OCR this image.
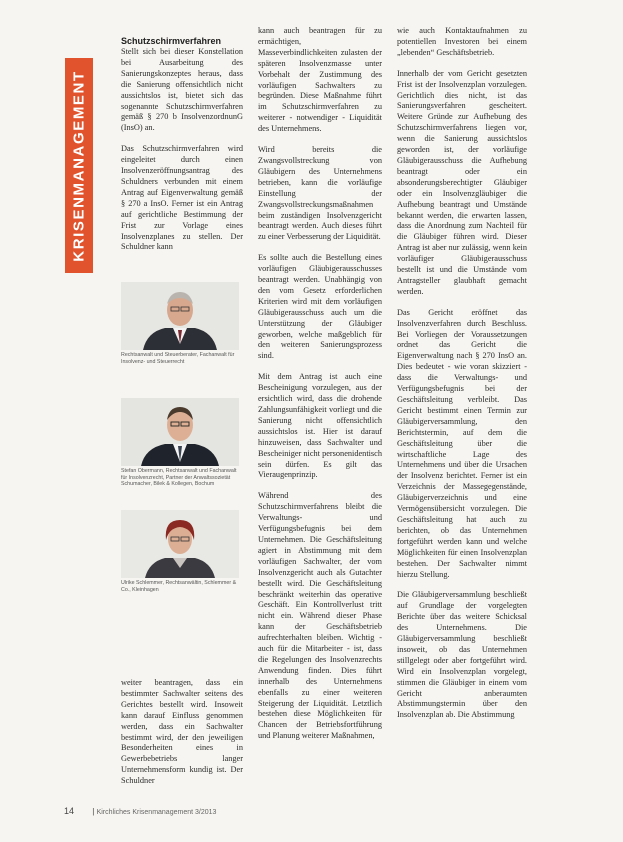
KRISENMANAGEMENT
Schutzschirmverfahren

Stellt sich bei dieser Konstellation bei Ausarbeitung des Sanierungskonzeptes heraus, dass die Sanierung offensichtlich nicht aussichtslos ist, bietet sich das sogenannte Schutzschirmverfahren gemäß § 270 b InsolvenzordnunG (InsO) an.

Das Schutzschirmverfahren wird eingeleitet durch einen Insolvenzeröffnungsantrag des Schuldners verbunden mit einem Antrag auf Eigenverwaltung gemäß § 270 a InsO. Ferner ist ein Antrag auf gerichtliche Bestimmung der Frist zur Vorlage eines Insolvenzplanes zu stellen. Der Schuldner kann

Rechtsanwalt und Steuerberater, Fachanwalt für Insolvenz- und Steuerrecht
Stefan Obermann, Rechtsanwalt und Fachanwalt für Insolvenzrecht, Partner der Anwaltssozietät Schumacher, Bilek & Kollegen, Bochum
Ulrike Schlemmer, Rechtsanwältin, Schlemmer & Co., Kleinhagen

weiter beantragen, dass ein bestimmter Sachwalter seitens des Gerichtes bestellt wird. Insoweit kann darauf Einfluss genommen werden, dass ein Sachwalter bestimmt wird, der den jeweiligen Besonderheiten eines in Gewerbebetriebs langer Unternehmensform kundig ist. Der Schuldner

kann auch beantragen für zu ermächtigen, Masseverbindlichkeiten zulasten der späteren Insolvenzmasse unter Vorbehalt der Zustimmung des vorläufigen Sachwalters zu begründen. Diese Maßnahme führt im Schutzschirmverfahren zu weiterer - notwendiger - Liquidität des Unternehmens.

Wird bereits die Zwangsvollstreckung von Gläubigern des Unternehmens betrieben, kann die vorläufige Einstellung der Zwangsvollstreckungsmaßnahmen beim zuständigen Insolvenzgericht beantragt werden. Auch dieses führt zu einer Verbesserung der Liquidität.

Es sollte auch die Bestellung eines vorläufigen Gläubigerausschusses beantragt werden. Unabhängig von den vom Gesetz erforderlichen Kriterien wird mit dem vorläufigen Gläubigerausschuss auch um die Unterstützung der Gläubiger geworben, welche maßgeblich für den weiteren Sanierungsprozess sind.

Mit dem Antrag ist auch eine Bescheinigung vorzulegen, aus der ersichtlich wird, dass die drohende Zahlungsunfähigkeit vorliegt und die Sanierung nicht offensichtlich aussichtslos ist. Hier ist darauf hinzuweisen, dass Sachwalter und Bescheiniger nicht personenidentisch sein dürfen. Es gilt das Vieraugenprinzip.

Während des Schutzschirmverfahrens bleibt die Verwaltungs- und Verfügungsbefugnis bei dem Unternehmen. Die Geschäftsleitung agiert in Abstimmung mit dem vorläufigen Sachwalter, der vom Insolvenzgericht auch als Gutachter bestellt wird. Die Geschäftsleitung beschränkt weiterhin das operative Geschäft. Ein Kontrollverlust tritt nicht ein. Während dieser Phase kann der Geschäftsbetrieb aufrechterhalten bleiben. Wichtig - auch für die Mitarbeiter - ist, dass die Regelungen des Insolvenzrechts Anwendung finden. Dies führt innerhalb des Unternehmens ebenfalls zu einer weiteren Steigerung der Liquidität. Letztlich bestehen diese Möglichkeiten für Chancen der Betriebsfortführung und Planung weiterer Maßnahmen,

wie auch Kontaktaufnahmen zu potentiellen Investoren bei einem „lebenden“ Geschäftsbetrieb.

Innerhalb der vom Gericht gesetzten Frist ist der Insolvenzplan vorzulegen. Gerichtlich dies nicht, ist das Sanierungsverfahren gescheitert. Weitere Gründe zur Aufhebung des Schutzschirmverfahrens liegen vor, wenn die Sanierung aussichtslos geworden ist, der vorläufige Gläubigerausschuss die Aufhebung beantragt oder ein absonderungsberechtigter Gläubiger oder ein Insolvenzgläubiger die Aufhebung beantragt und Umstände bekannt werden, die erwarten lassen, dass die Anordnung zum Nachteil für die Gläubiger führen wird. Dieser Antrag ist aber nur zulässig, wenn kein vorläufiger Gläubigerausschuss bestellt ist und die Umstände vom Antragsteller glaubhaft gemacht werden.

Das Gericht eröffnet das Insolvenzverfahren durch Beschluss. Bei Vorliegen der Voraussetzungen ordnet das Gericht die Eigenverwaltung nach § 270 InsO an. Dies bedeutet - wie voran skizziert - dass die Verwaltungs- und Verfügungsbefugnis bei der Geschäftsleitung verbleibt. Das Gericht bestimmt einen Termin zur Gläubigerversammlung, den Berichtstermin, auf dem die Geschäftsleitung über die wirtschaftliche Lage des Unternehmens und über die Ursachen der Insolvenz berichtet. Ferner ist ein Verzeichnis der Massegegenstände, Gläubigerverzeichnis und eine Vermögensübersicht vorzulegen. Die Geschäftsleitung hat auch zu berichten, ob das Unternehmen fortgeführt werden kann und welche Möglichkeiten für einen Insolvenzplan bestehen. Der Sachwalter nimmt hierzu Stellung.

Die Gläubigerversammlung beschließt auf Grundlage der vorgelegten Berichte über das weitere Schicksal des Unternehmens. Die Gläubigerversammlung beschließt insoweit, ob das Unternehmen stillgelegt oder aber fortgeführt wird. Wird ein Insolvenzplan vorgelegt, stimmen die Gläubiger in einem vom Gericht anberaumten Abstimmungstermin über den Insolvenzplan ab. Die Abstimmung

14 | Kirchliches Krisenmanagement 3/2013
